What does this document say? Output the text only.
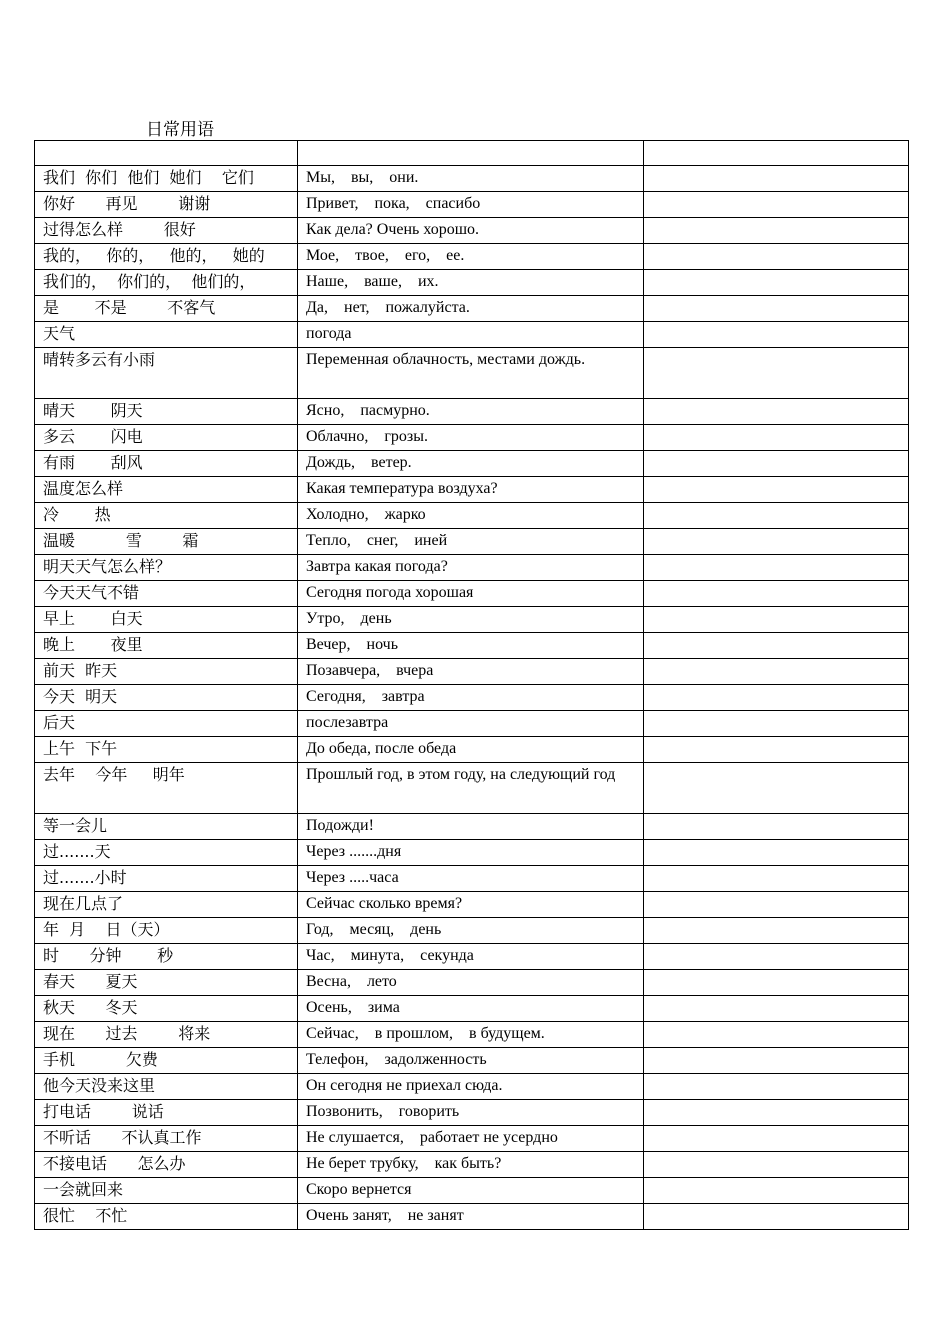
日常用语

我们  你们  他们  她们    它们	Мы,    вы,    они.	
你好      再见        谢谢	Привет,    пока,    спасибо	
过得怎么样        很好	Как дела? Очень хорошо.	
我的，   你的，   他的，   她的	Мое,    твое,    его,    ее.	
我们的，  你们的，  他们的，	Наше,    ваше,    их.	
是       不是        不客气	Да,    нет,    пожалуйста.	
天气	погода	
晴转多云有小雨	Переменная облачность, местами дождь.	
晴天       阴天	Ясно,    пасмурно.	
多云       闪电	Облачно,    грозы.	
有雨       刮风	Дождь,    ветер.	
温度怎么样	Какая температура воздуха?	
冷       热	Холодно,    жарко	
温暖          雪        霜	Тепло,    снег,    иней	
明天天气怎么样？	Завтра какая погода?	
今天天气不错	Сегодня погода хорошая	
早上       白天	Утро,    день	
晚上       夜里	Вечер,    ночь	
前天  昨天	Позавчера,    вчера	
今天  明天	Сегодня,    завтра	
后天	послезавтра	
上午  下午	До обеда, после обеда	
去年    今年     明年	Прошлый год, в этом году, на следующий год	
等一会儿	Подожди!	
过.......天	Через .......дня	
过.......小时	Через .....часа	
现在几点了	Сейчас сколько время?	
年  月    日（天）	Год,    месяц,    день	
时      分钟       秒	Час,    минута,    секунда	
春天      夏天	Весна,    лето	
秋天      冬天	Осень,    зима	
现在      过去        将来	Сейчас,    в прошлом,    в будущем.	
手机          欠费	Телефон,    задолженность	
他今天没来这里	Он сегодня не приехал сюда.	
打电话        说话	Позвонить,    говорить	
不听话      不认真工作	Не слушается,    работает не усердно	
不接电话      怎么办	Не берет трубку,    как быть?	
一会就回来	Скоро вернется	
很忙    不忙	Очень занят,    не занят	
